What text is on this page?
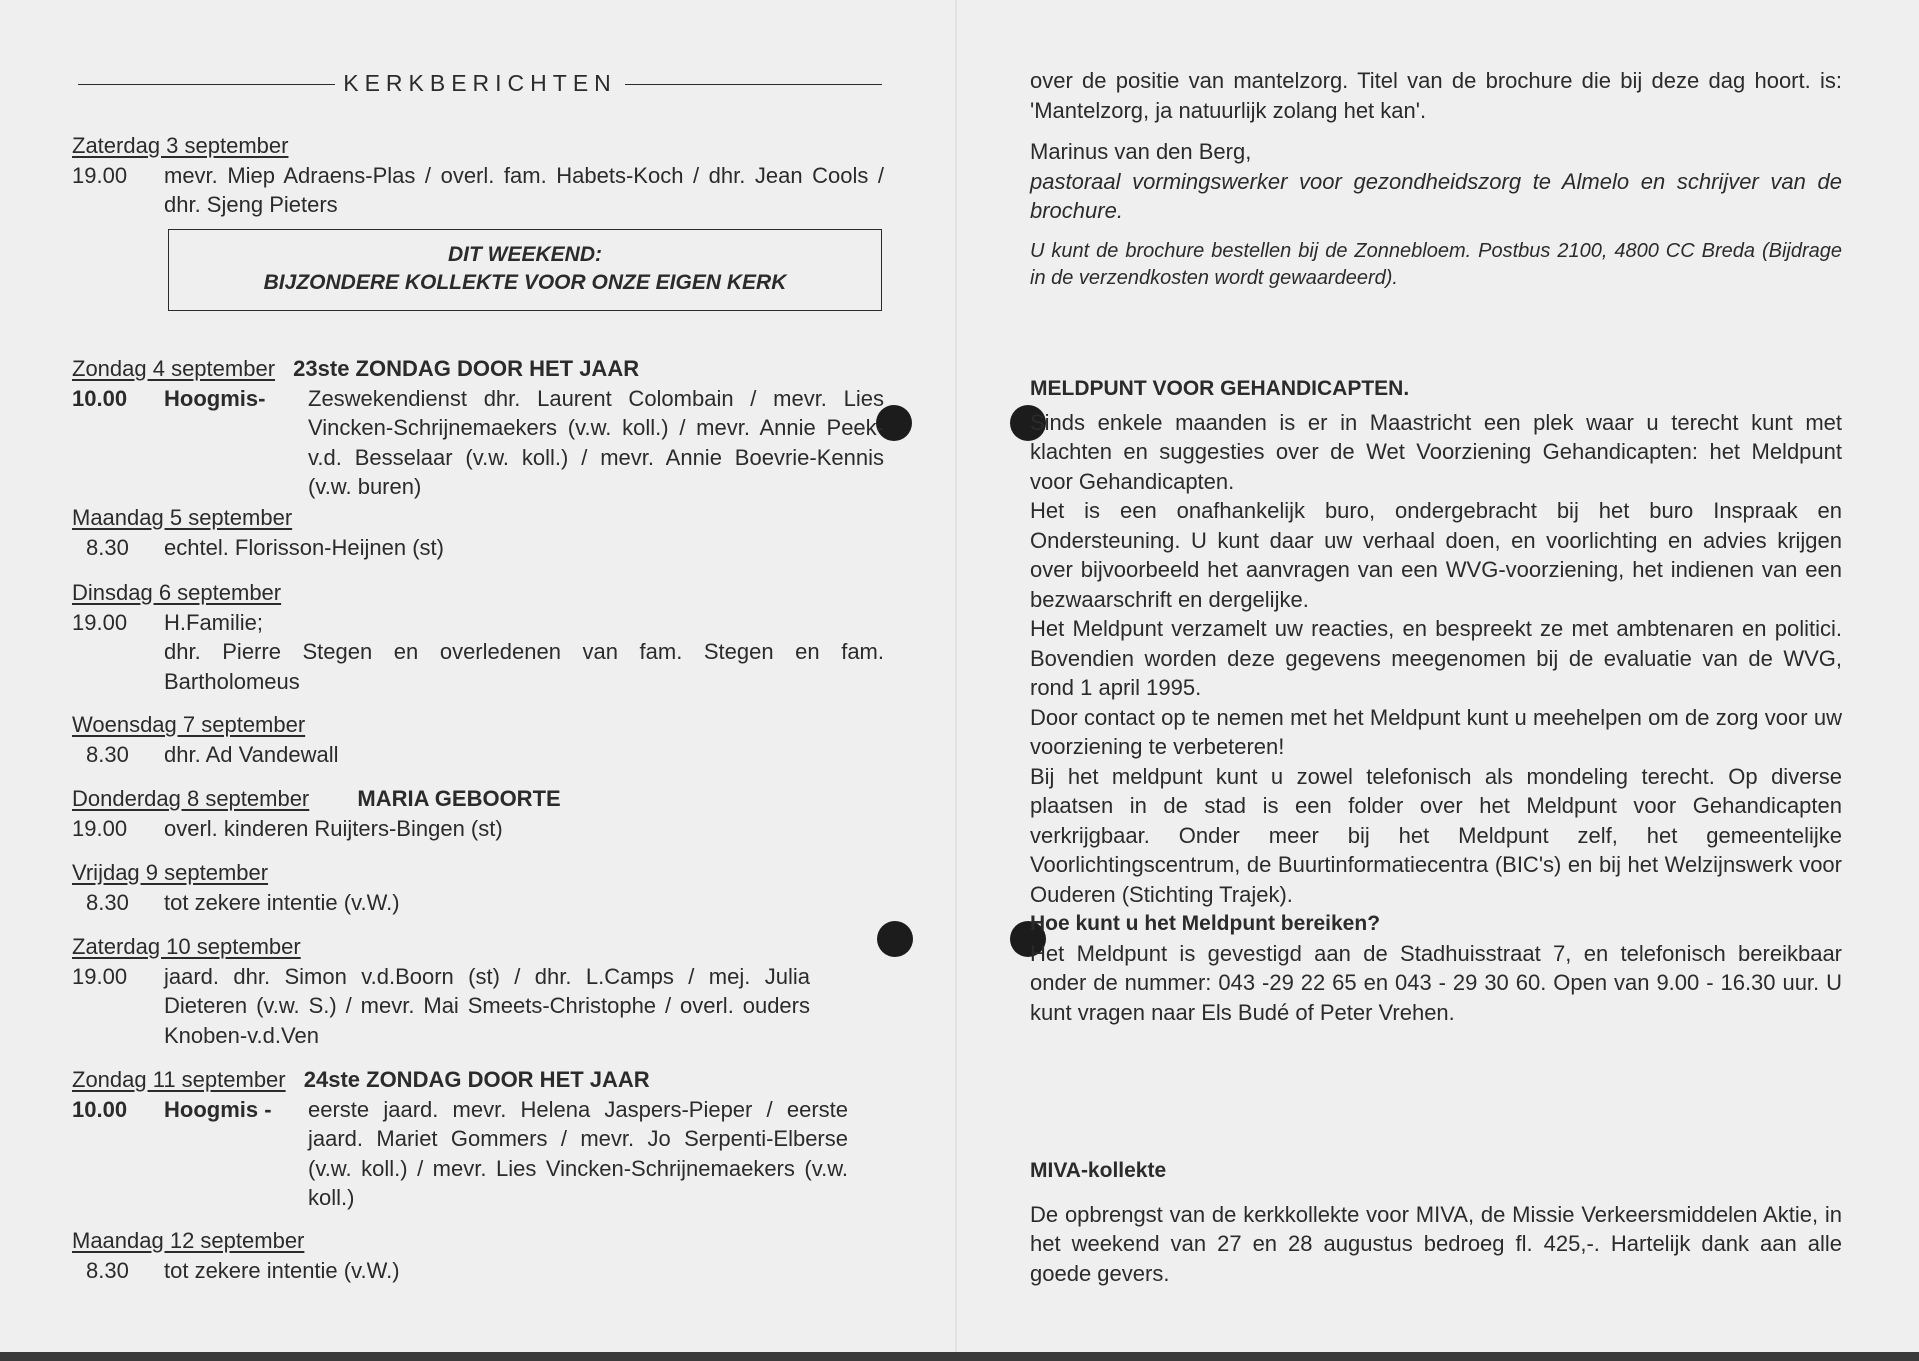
KERKBERICHTEN
Zaterdag 3 september
19.00	mevr. Miep Adraens-Plas / overl. fam. Habets-Koch / dhr. Jean Cools / dhr. Sjeng Pieters
DIT WEEKEND:
BIJZONDERE KOLLEKTE VOOR ONZE EIGEN KERK
Zondag 4 september 23ste ZONDAG DOOR HET JAAR
10.00	Hoogmis-	Zeswekendienst dhr. Laurent Colombain / mevr. Lies Vincken-Schrijnemaekers (v.w. koll.) / mevr. Annie Peek-v.d. Besselaar (v.w. koll.) / mevr. Annie Boevrie-Kennis (v.w. buren)
Maandag 5 september
8.30	echtel. Florisson-Heijnen (st)
Dinsdag 6 september
19.00	H.Familie;
dhr. Pierre Stegen en overledenen van fam. Stegen en fam. Bartholomeus
Woensdag 7 september
8.30	dhr. Ad Vandewall
Donderdag 8 september MARIA GEBOORTE
19.00	overl. kinderen Ruijters-Bingen (st)
Vrijdag 9 september
8.30	tot zekere intentie (v.W.)
Zaterdag 10 september
19.00	jaard. dhr. Simon v.d.Boorn (st) / dhr. L.Camps / mej. Julia Dieteren (v.w. S.) / mevr. Mai Smeets-Christophe / overl. ouders Knoben-v.d.Ven
Zondag 11 september 24ste ZONDAG DOOR HET JAAR
10.00	Hoogmis -	eerste jaard. mevr. Helena Jaspers-Pieper / eerste jaard. Mariet Gommers / mevr. Jo Serpenti-Elberse (v.w. koll.) / mevr. Lies Vincken-Schrijnemaekers (v.w. koll.)
Maandag 12 september
8.30	tot zekere intentie (v.W.)

over de positie van mantelzorg. Titel van de brochure die bij deze dag hoort. is: 'Mantelzorg, ja natuurlijk zolang het kan'.

Marinus van den Berg,

pastoraal vormingswerker voor gezondheidszorg te Almelo en schrijver van de brochure.

U kunt de brochure bestellen bij de Zonnebloem. Postbus 2100, 4800 CC Breda (Bijdrage in de verzendkosten wordt gewaardeerd).

MELDPUNT VOOR GEHANDICAPTEN.

Sinds enkele maanden is er in Maastricht een plek waar u terecht kunt met klachten en suggesties over de Wet Voorziening Gehandicapten: het Meldpunt voor Gehandicapten.

Het is een onafhankelijk buro, ondergebracht bij het buro Inspraak en Ondersteuning. U kunt daar uw verhaal doen, en voorlichting en advies krijgen over bijvoorbeeld het aanvragen van een WVG-voorziening, het indienen van een bezwaarschrift en dergelijke.

Het Meldpunt verzamelt uw reacties, en bespreekt ze met ambtenaren en politici. Bovendien worden deze gegevens meegenomen bij de evaluatie van de WVG, rond 1 april 1995.

Door contact op te nemen met het Meldpunt kunt u meehelpen om de zorg voor uw voorziening te verbeteren!

Bij het meldpunt kunt u zowel telefonisch als mondeling terecht. Op diverse plaatsen in de stad is een folder over het Meldpunt voor Gehandicapten verkrijgbaar. Onder meer bij het Meldpunt zelf, het gemeentelijke Voorlichtingscentrum, de Buurtinformatiecentra (BIC's) en bij het Welzijnswerk voor Ouderen (Stichting Trajek).

Hoe kunt u het Meldpunt bereiken?

Het Meldpunt is gevestigd aan de Stadhuisstraat 7, en telefonisch bereikbaar onder de nummer: 043 -29 22 65 en 043 - 29 30 60. Open van 9.00 - 16.30 uur. U kunt vragen naar Els Budé of Peter Vrehen.

MIVA-kollekte

De opbrengst van de kerkkollekte voor MIVA, de Missie Verkeersmiddelen Aktie, in het weekend van 27 en 28 augustus bedroeg fl. 425,-. Hartelijk dank aan alle goede gevers.
